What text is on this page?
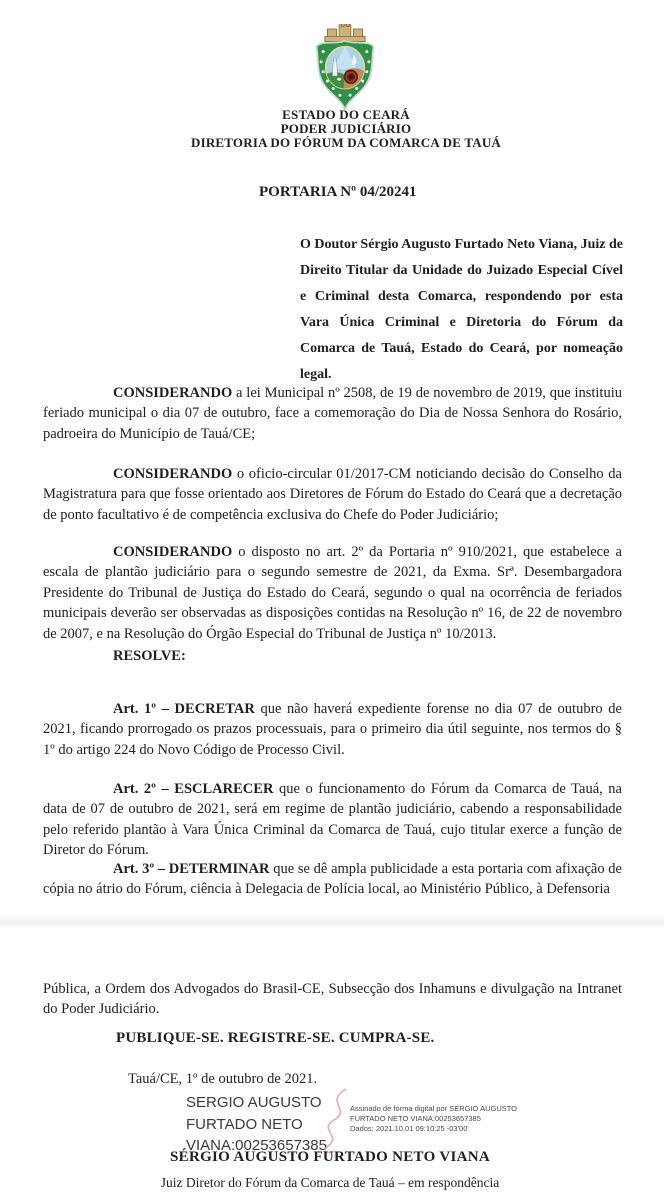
ESTADO DO CEARÁ
PODER JUDICIÁRIO
DIRETORIA DO FÓRUM DA COMARCA DE TAUÁ
PORTARIA Nº 04/20241
O Doutor Sérgio Augusto Furtado Neto Viana, Juiz de Direito Titular da Unidade do Juizado Especial Cível e Criminal desta Comarca, respondendo por esta Vara Única Criminal e Diretoria do Fórum da Comarca de Tauá, Estado do Ceará, por nomeação legal.

CONSIDERANDO a lei Municipal nº 2508, de 19 de novembro de 2019, que instituiu feriado municipal o dia 07 de outubro, face a comemoração do Dia de Nossa Senhora do Rosário, padroeira do Município de Tauá/CE;

CONSIDERANDO o oficio-circular 01/2017-CM noticiando decisão do Conselho da Magistratura para que fosse orientado aos Diretores de Fórum do Estado do Ceará que a decretação de ponto facultativo é de competência exclusiva do Chefe do Poder Judiciário;

CONSIDERANDO o disposto no art. 2º da Portaria nº 910/2021, que estabelece a escala de plantão judiciário para o segundo semestre de 2021, da Exma. Srª. Desembargadora Presidente do Tribunal de Justiça do Estado do Ceará, segundo o qual na ocorrência de feriados municipais deverão ser observadas as disposições contidas na Resolução nº 16, de 22 de novembro de 2007, e na Resolução do Órgão Especial do Tribunal de Justiça nº 10/2013.

RESOLVE:

Art. 1º – DECRETAR que não haverá expediente forense no dia 07 de outubro de 2021, ficando prorrogado os prazos processuais, para o primeiro dia útil seguinte, nos termos do § 1º do artigo 224 do Novo Código de Processo Civil.

Art. 2º – ESCLARECER que o funcionamento do Fórum da Comarca de Tauá, na data de 07 de outubro de 2021, será em regime de plantão judiciário, cabendo a responsabilidade pelo referido plantão à Vara Única Criminal da Comarca de Tauá, cujo titular exerce a função de Diretor do Fórum.

Art. 3º – DETERMINAR que se dê ampla publicidade a esta portaria com afixação de cópia no átrio do Fórum, ciência à Delegacia de Polícia local, ao Ministério Público, à Defensoria

Pública, a Ordem dos Advogados do Brasil-CE, Subsecção dos Inhamuns e divulgação na Intranet do Poder Judiciário.

PUBLIQUE-SE. REGISTRE-SE. CUMPRA-SE.
Tauá/CE, 1º de outubro de 2021.
SERGIO AUGUSTO FURTADO NETO VIANA:00253657385
Assinado de forma digital por SERGIO AUGUSTO
FURTADO NETO VIANA:00253657385
Dados: 2021.10.01 09:10:25 -03'00'
SÉRGIO AUGUSTO FURTADO NETO VIANA
Juiz Diretor do Fórum da Comarca de Tauá – em respondência
